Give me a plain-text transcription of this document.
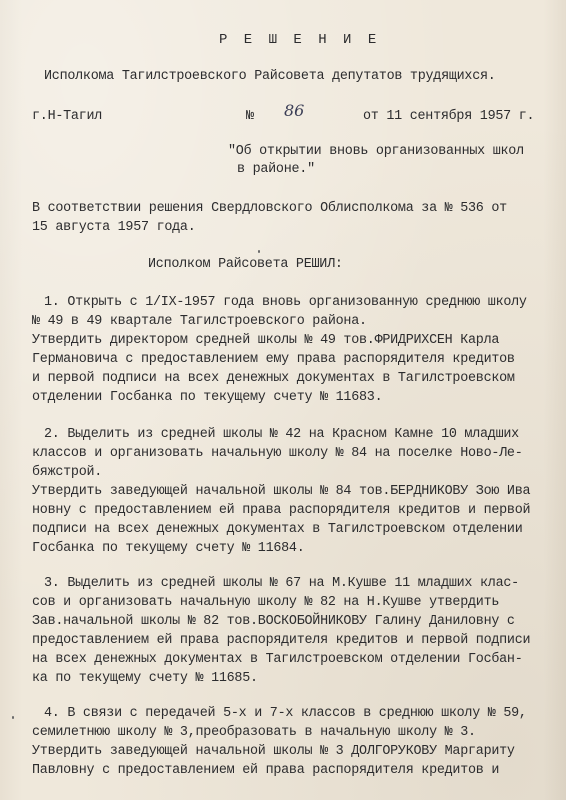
Р Е Ш Е Н И Е
Исполкома Тагилстроевского Райсовета депутатов трудящихся.
г.Н-Тагил	№ 86	от 11 сентября 1957 г.
"Об открытии вновь организованных школ
в районе."
В соответствии решения Свердловского Облисполкома за № 536 от
15 августа 1957 года.
Исполком Райсовета РЕШИЛ:
1. Открыть с 1/IХ-1957 года вновь организованную среднюю школу
№ 49 в 49 квартале Тагилстроевского района.
Утвердить директором средней школы № 49 тов.ФРИДРИХСЕН Карла
Германовича с предоставлением ему права распорядителя кредитов
и первой подписи на всех денежных документах в Тагилстроевском
отделении Госбанка по текущему счету № 11683.
2. Выделить из средней школы № 42 на Красном Камне 10 младших
классов и организовать начальную школу № 84 на поселке Ново-Ле-
бяжстрой.
Утвердить заведующей начальной школы № 84 тов.БЕРДНИКОВУ Зою Ива
новну с предоставлением ей права распорядителя кредитов и первой
подписи на всех денежных документах в Тагилстроевском отделении
Госбанка по текущему счету № 11684.
3. Выделить из средней школы № 67 на М.Кушве 11 младших клас-
сов и организовать начальную школу № 82 на Н.Кушве утвердить
Зав.начальной школы № 82 тов.ВОСКОБОЙНИКОВУ Галину Даниловну с
предоставлением ей права распорядителя кредитов и первой подписи
на всех денежных документах в Тагилстроевском отделении Госбан-
ка по текущему счету № 11685.
4. В связи с передачей 5-х и 7-х классов в среднюю школу № 59,
семилетнюю школу № 3,преобразовать в начальную школу № 3.
Утвердить заведующей начальной школы № 3 ДОЛГОРУКОВУ Маргариту
Павловну с предоставлением ей права распорядителя кредитов и
